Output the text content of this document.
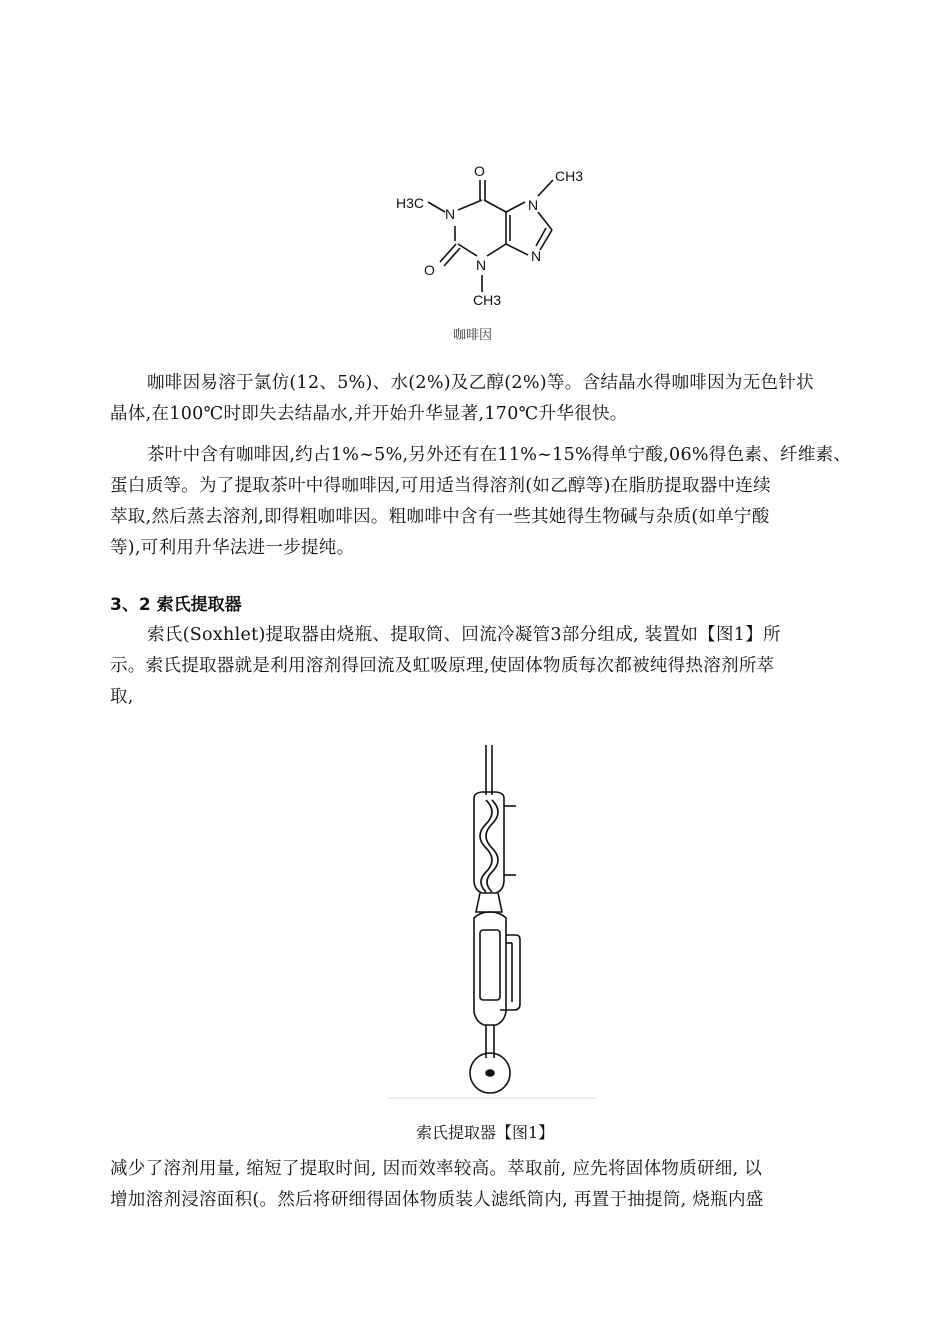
O	CH3
H3C
N
N
N
O	N
CH3
咖啡因
咖啡因易溶于氯仿(12、5%)、水(2%)及乙醇(2%)等。含结晶水得咖啡因为无色针状
晶体,在100℃时即失去结晶水,并开始升华显著,170℃升华很快。
茶叶中含有咖啡因,约占1%~5%,另外还有在11%~15%得单宁酸,06%得色素、纤维素、
蛋白质等。为了提取茶叶中得咖啡因,可用适当得溶剂(如乙醇等)在脂肪提取器中连续
萃取,然后蒸去溶剂,即得粗咖啡因。粗咖啡中含有一些其她得生物碱与杂质(如单宁酸
等),可利用升华法进一步提纯。
3、2 索氏提取器
索氏(Soxhlet)提取器由烧瓶、提取筒、回流冷凝管3部分组成, 装置如【图1】所
示。索氏提取器就是利用溶剂得回流及虹吸原理,使固体物质每次都被纯得热溶剂所萃
取,
索氏提取器【图1】
减少了溶剂用量, 缩短了提取时间, 因而效率较高。萃取前, 应先将固体物质研细, 以
增加溶剂浸溶面积(。然后将研细得固体物质装人滤纸筒内, 再置于抽提筒, 烧瓶内盛
